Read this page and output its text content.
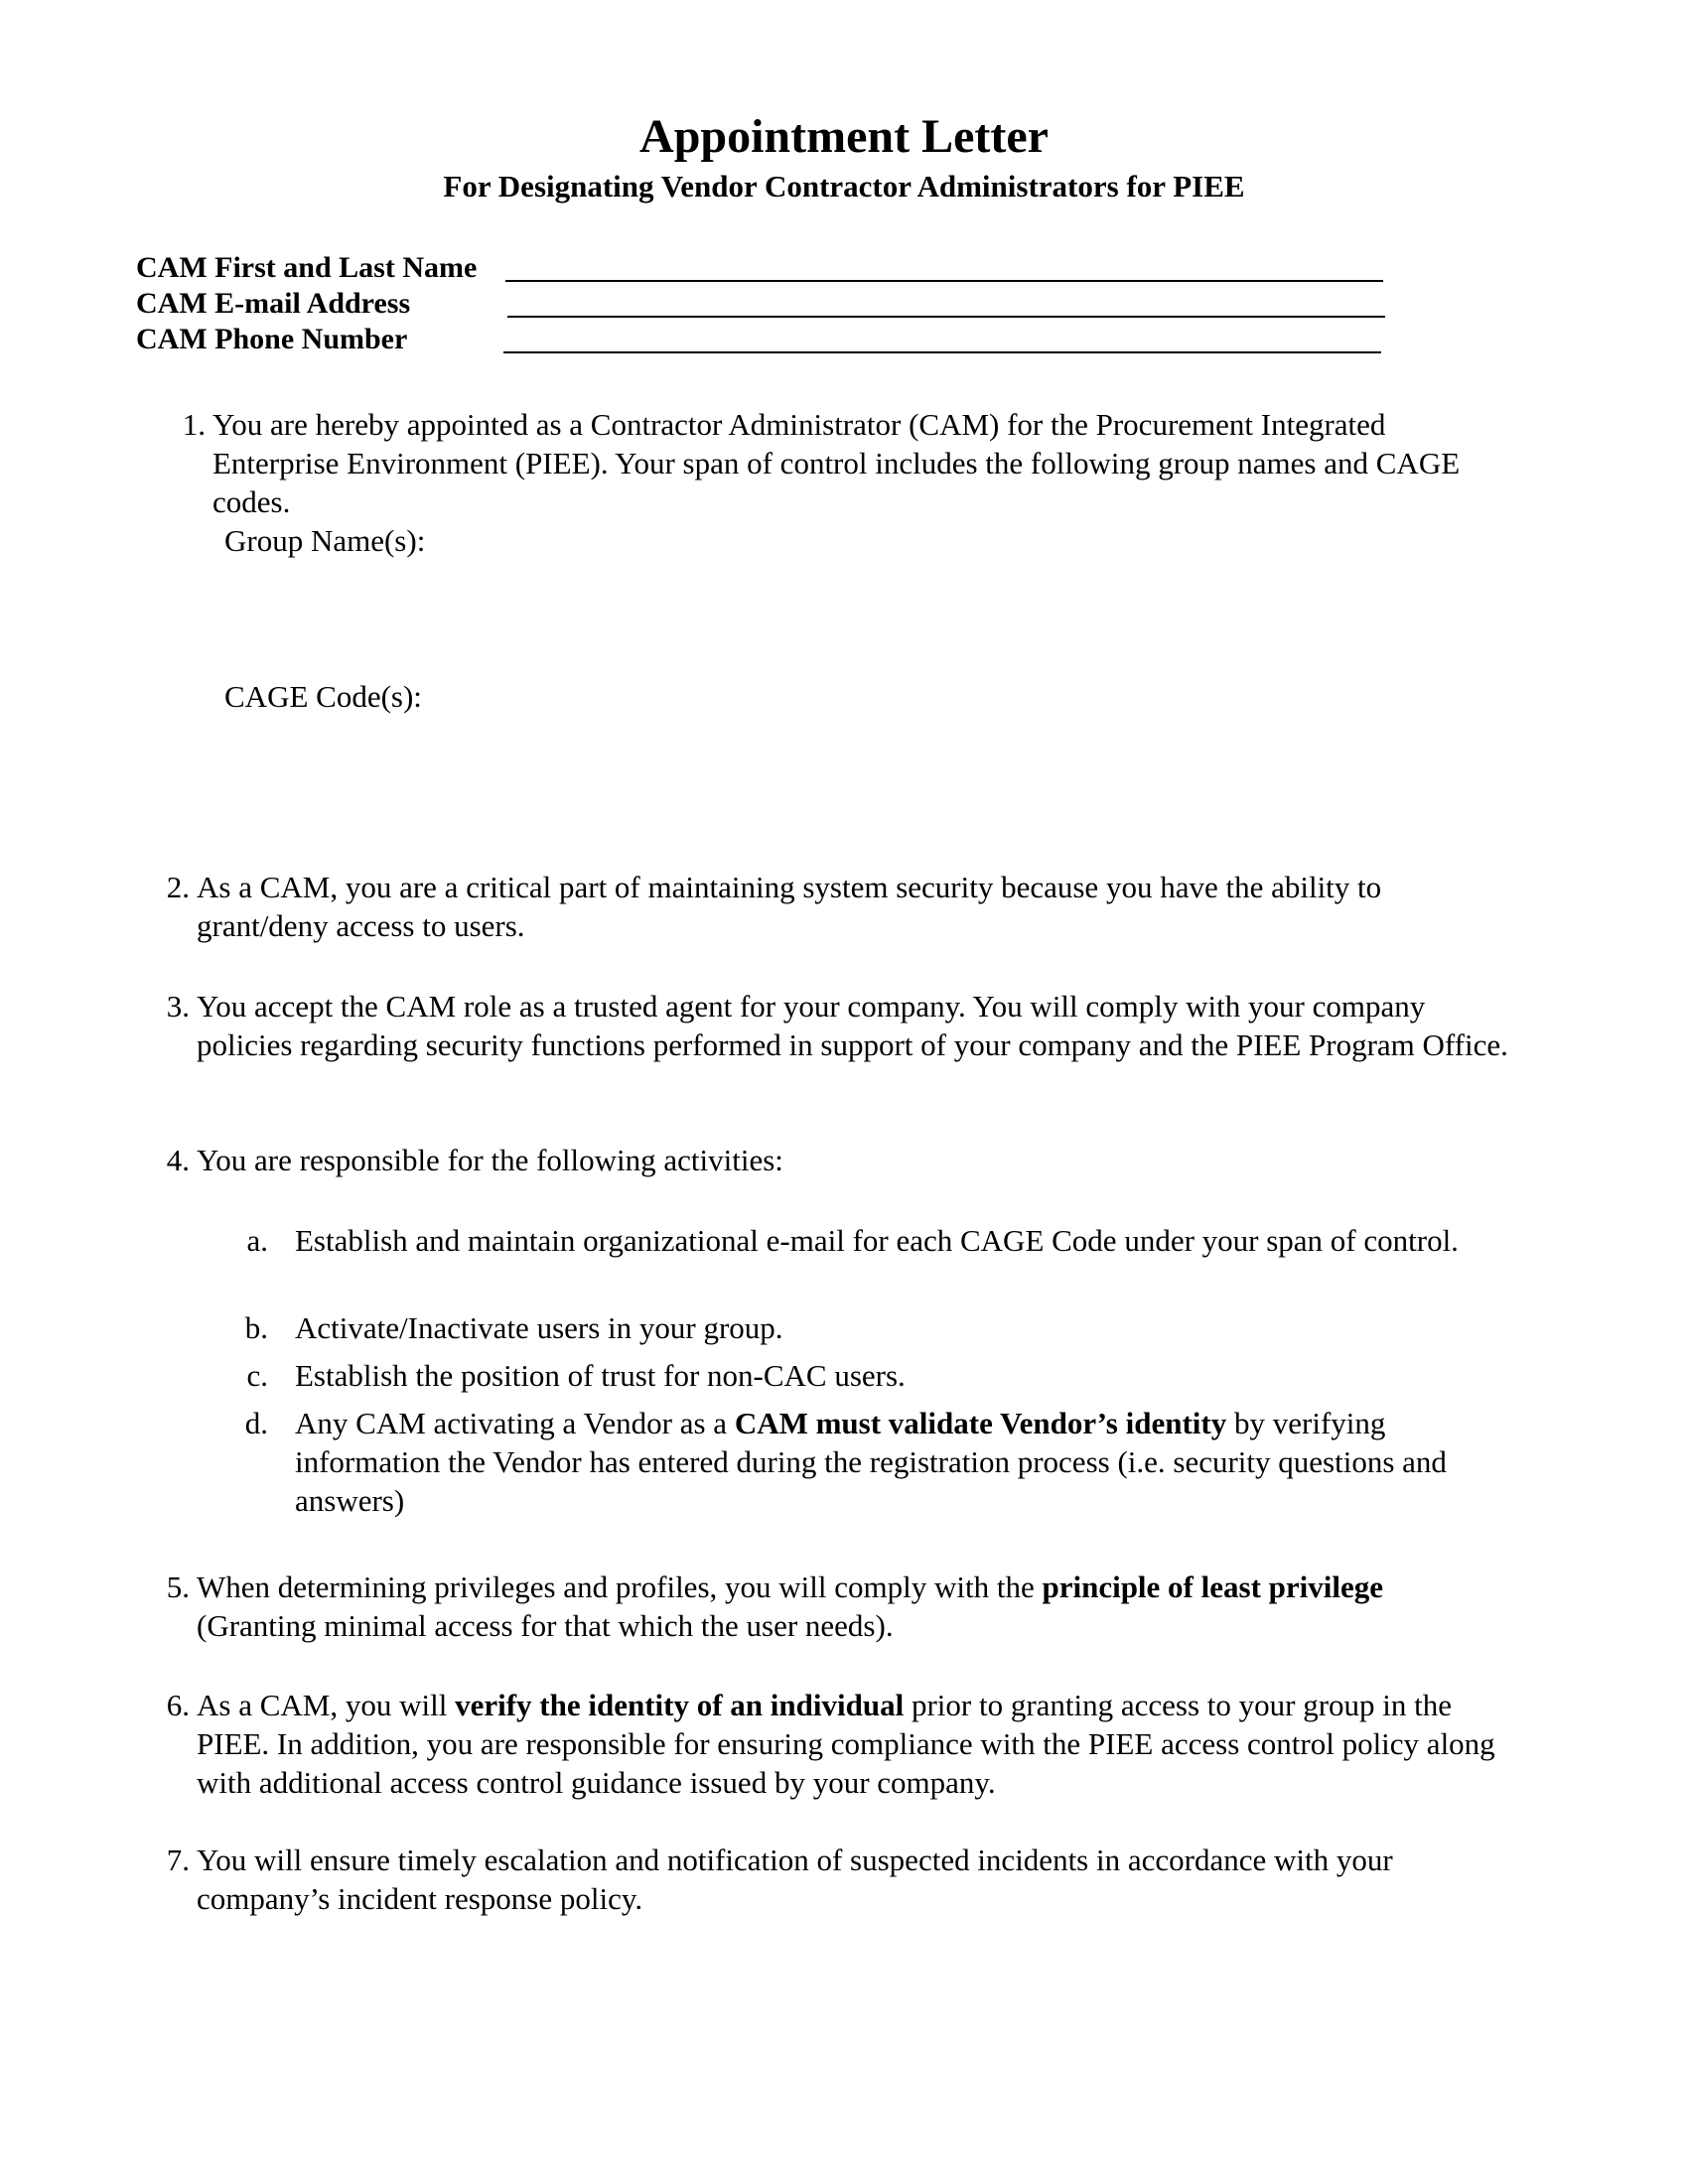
Appointment Letter
For Designating Vendor Contractor Administrators for PIEE
CAM First and Last Name
CAM E-mail Address
CAM Phone Number
1. You are hereby appointed as a Contractor Administrator (CAM) for the Procurement Integrated Enterprise Environment (PIEE). Your span of control includes the following group names and CAGE codes.
Group Name(s):
CAGE Code(s):
2. As a CAM, you are a critical part of maintaining system security because you have the ability to grant/deny access to users.
3. You accept the CAM role as a trusted agent for your company. You will comply with your company policies regarding security functions performed in support of your company and the PIEE Program Office.
4. You are responsible for the following activities:
a. Establish and maintain organizational e-mail for each CAGE Code under your span of control.
b. Activate/Inactivate users in your group.
c. Establish the position of trust for non-CAC users.
d. Any CAM activating a Vendor as a CAM must validate Vendor’s identity by verifying information the Vendor has entered during the registration process (i.e. security questions and answers)
5. When determining privileges and profiles, you will comply with the principle of least privilege (Granting minimal access for that which the user needs).
6. As a CAM, you will verify the identity of an individual prior to granting access to your group in the PIEE. In addition, you are responsible for ensuring compliance with the PIEE access control policy along with additional access control guidance issued by your company.
7. You will ensure timely escalation and notification of suspected incidents in accordance with your company’s incident response policy.
